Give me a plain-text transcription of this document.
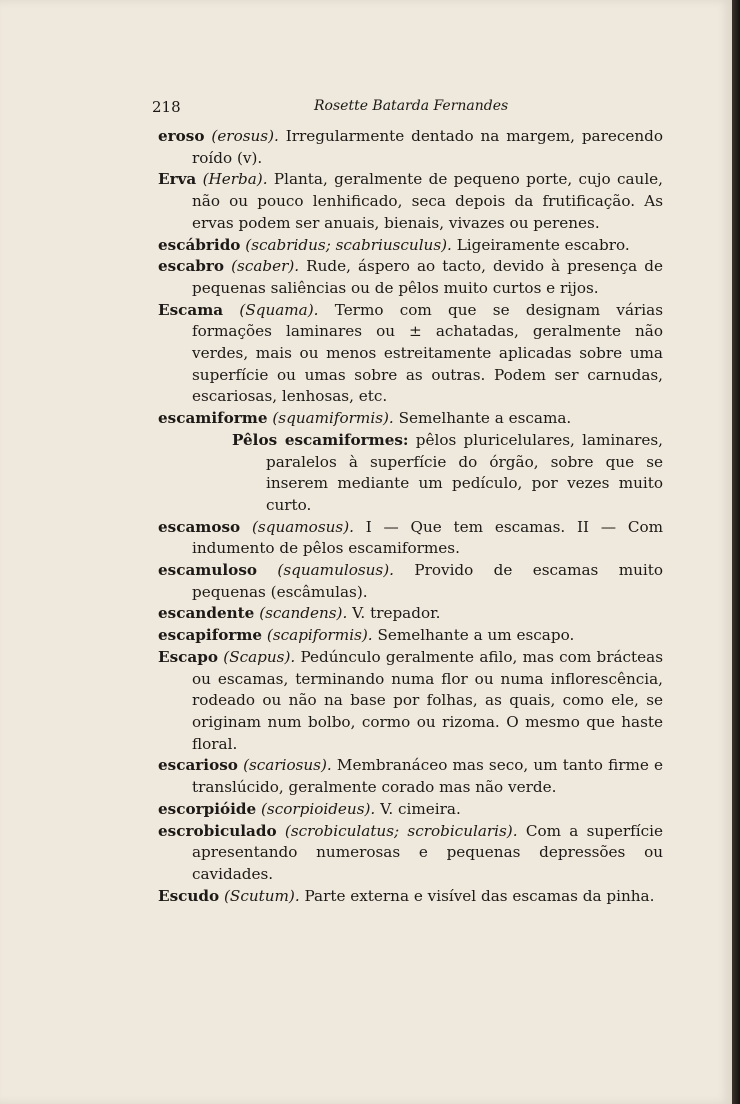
218	Rosette Batarda Fernandes

eroso (erosus). Irregularmente dentado na margem, parecendo roído (v).

Erva (Herba). Planta, geralmente de pequeno porte, cujo caule, não ou pouco lenhificado, seca depois da frutificação. As ervas podem ser anuais, bienais, vivazes ou perenes.

escábrido (scabridus; scabriusculus). Ligeiramente escabro.

escabro (scaber). Rude, áspero ao tacto, devido à presença de pequenas saliências ou de pêlos muito curtos e rijos.

Escama (Squama). Termo com que se designam várias formações laminares ou ± achatadas, geralmente não verdes, mais ou menos estreitamente aplicadas sobre uma superfície ou umas sobre as outras. Podem ser carnudas, escariosas, lenhosas, etc.

escamiforme (squamiformis). Semelhante a escama.

Pêlos escamiformes: pêlos pluricelulares, laminares, paralelos à superfície do órgão, sobre que se inserem mediante um pedículo, por vezes muito curto.

escamoso (squamosus). I — Que tem escamas. II — Com indumento de pêlos escamiformes.

escamuloso (squamulosus). Provido de escamas muito pequenas (escâmulas).

escandente (scandens). V. trepador.

escapiforme (scapiformis). Semelhante a um escapo.

Escapo (Scapus). Pedúnculo geralmente afilo, mas com brácteas ou escamas, terminando numa flor ou numa inflorescência, rodeado ou não na base por folhas, as quais, como ele, se originam num bolbo, cormo ou rizoma. O mesmo que haste floral.

escarioso (scariosus). Membranáceo mas seco, um tanto firme e translúcido, geralmente corado mas não verde.

escorpióide (scorpioideus). V. cimeira.

escrobiculado (scrobiculatus; scrobicularis). Com a superfície apresentando numerosas e pequenas depressões ou cavidades.

Escudo (Scutum). Parte externa e visível das escamas da pinha.
